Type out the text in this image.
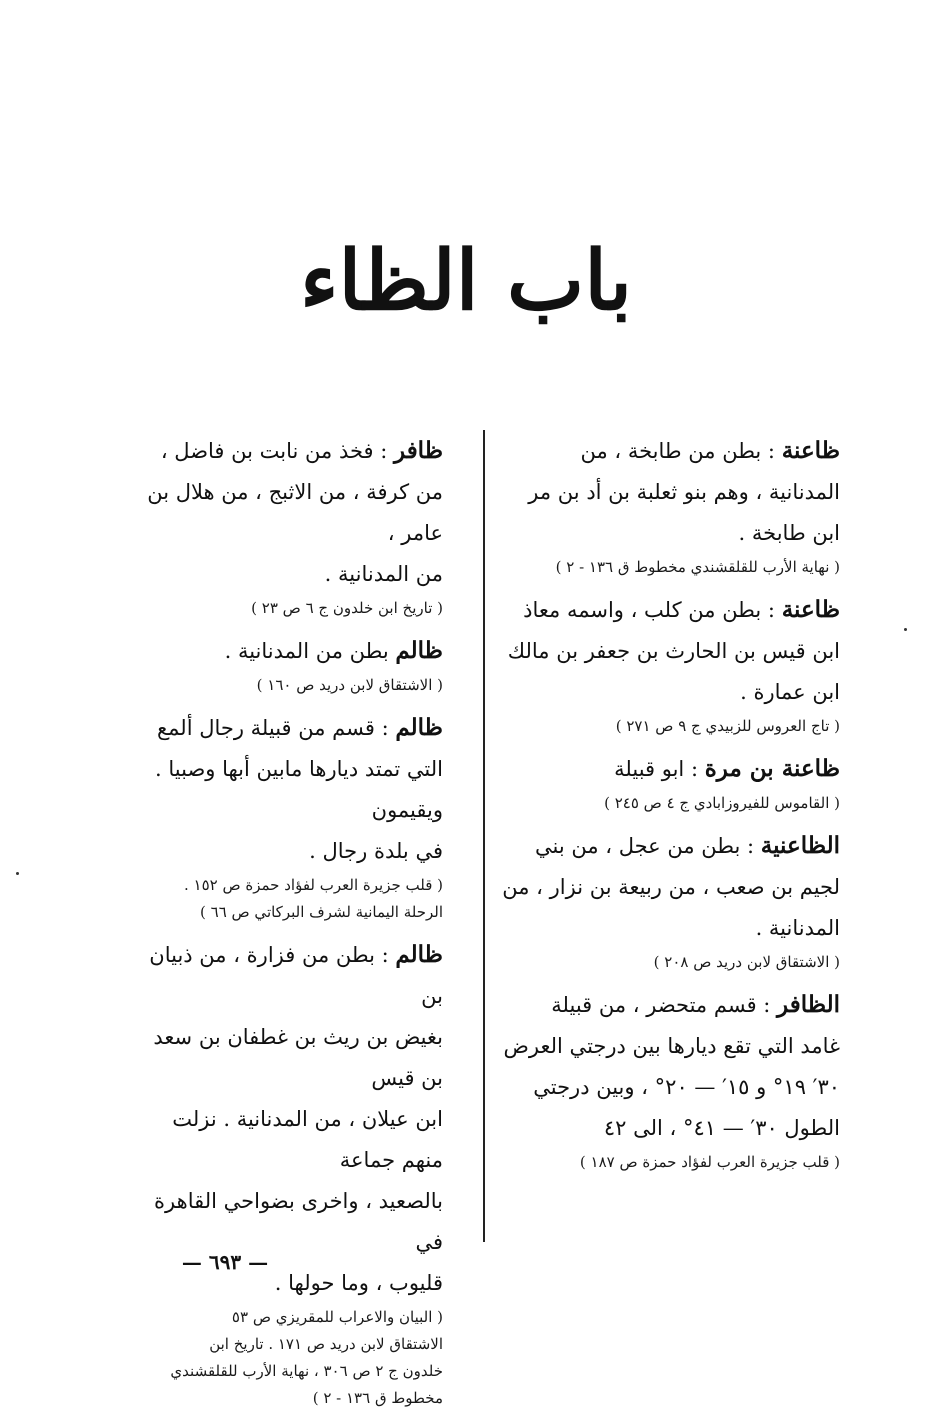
باب الظاء
ظاعنة : بطن من طابخة ، من
المدنانية ، وهم بنو ثعلبة بن أد بن مر
ابن طابخة .
( نهاية الأرب للقلقشندي مخطوط ق ١٣٦ - ٢ )
ظاعنة : بطن من كلب ، واسمه معاذ
ابن قيس بن الحارث بن جعفر بن مالك
ابن عمارة .
( تاج العروس للزبيدي ج ٩ ص ٢٧١ )
ظاعنة بن مرة : ابو قبيلة
( القاموس للفيروزابادي ج ٤ ص ٢٤٥ )
الظاعنية : بطن من عجل ، من بني
لجيم بن صعب ، من ربيعة بن نزار ، من
المدنانية .
( الاشتقاق لابن دريد ص ٢٠٨ )
الظافر : قسم متحضر ، من قبيلة
غامد التي تقع ديارها بين درجتي العرض
٣٠′ ١٩° و ١٥′ — ٢٠° ، وبين درجتي
الطول ٣٠′ — ٤١° ، الى ٤٢
( قلب جزيرة العرب لفؤاد حمزة ص ١٨٧ )
ظافر : فخذ من نابت بن فاضل ،
من كرفة ، من الاثبج ، من هلال بن عامر ،
من المدنانية .
( تاريخ ابن خلدون ج ٦ ص ٢٣ )
ظالم بطن من المدنانية .
( الاشتقاق لابن دريد ص ١٦٠ )
ظالم : قسم من قبيلة رجال ألمع
التي تمتد ديارها مابين أبها وصبيا . ويقيمون
في بلدة رجال .
( قلب جزيرة العرب لفؤاد حمزة ص ١٥٢ .
الرحلة اليمانية لشرف البركاتي ص ٦٦ )
ظالم : بطن من فزارة ، من ذبيان بن
بغيض بن ريث بن غطفان بن سعد بن قيس
ابن عيلان ، من المدنانية . نزلت منهم جماعة
بالصعيد ، واخرى بضواحي القاهرة في
قليوب ، وما حولها .
( البيان والاعراب للمقريزي ص ٥٣
الاشتقاق لابن دريد ص ١٧١ . تاريخ ابن
خلدون ج ٢ ص ٣٠٦ ، نهاية الأرب للقلقشندي
مخطوط ق ١٣٦ - ٢ )
— ٦٩٣ —
